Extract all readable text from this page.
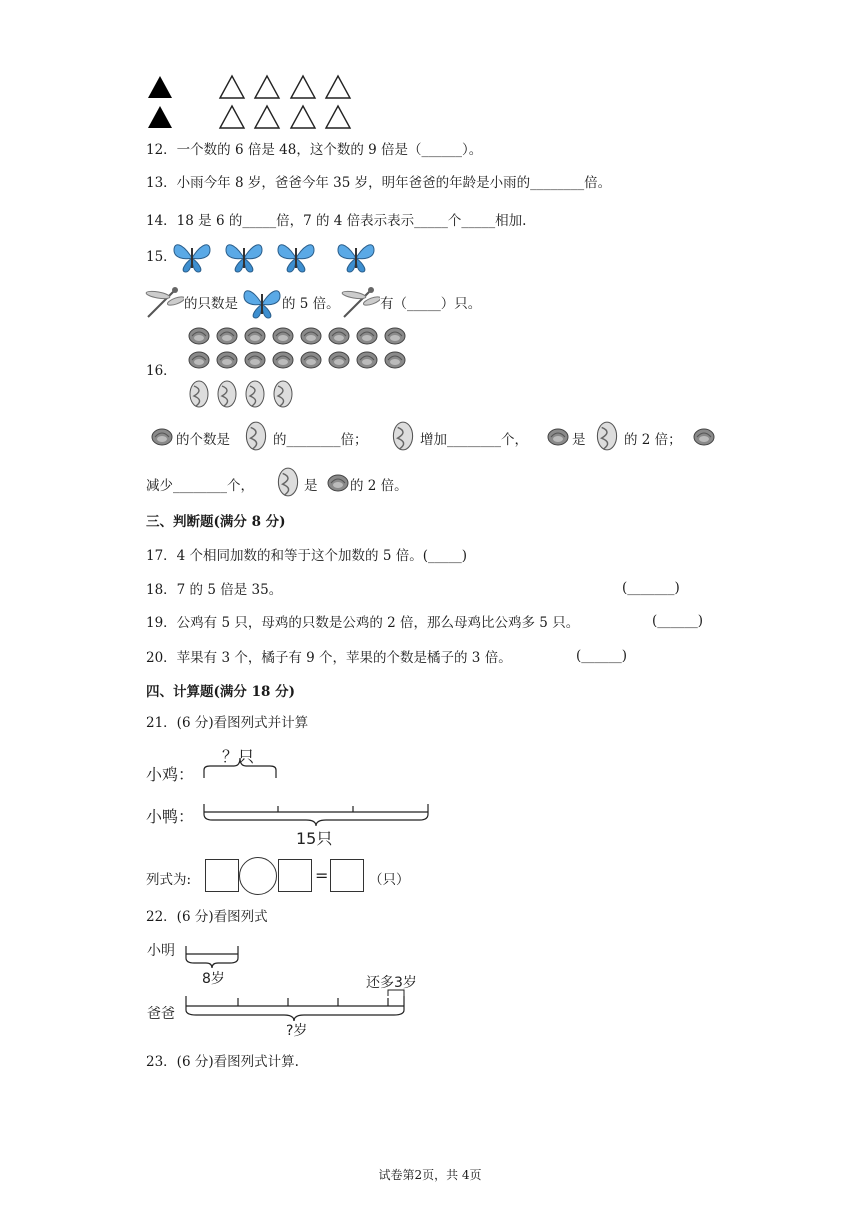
12．一个数的 6 倍是 48，这个数的 9 倍是（______）。
13．小雨今年 8 岁，爸爸今年 35 岁，明年爸爸的年龄是小雨的________倍。
14．18 是 6 的_____倍，7 的 4 倍表示表示_____个_____相加.
15．
的只数是	的 5 倍。	有（_____）只。
16．
的个数是	的________倍；	增加________个，	是	的 2 倍；
减少________个，	是 的 2 倍。
三、判断题(满分 8 分)
17．4 个相同加数的和等于这个加数的 5 倍。(_____)
18．7 的 5 倍是 35。	(_______)
19．公鸡有 5 只，母鸡的只数是公鸡的 2 倍，那么母鸡比公鸡多 5 只。	(______)
20．苹果有 3 个，橘子有 9 个，苹果的个数是橘子的 3 倍。	(______)
四、计算题(满分 18 分)
21．(6 分)看图列式并计算
小鸡：
？只
小鸭：
15只
列式为:	=	（只）
22．(6 分)看图列式
小明
8岁	还多3岁
爸爸
?岁
23．(6 分)看图列式计算.
试卷第2页，共 4页
